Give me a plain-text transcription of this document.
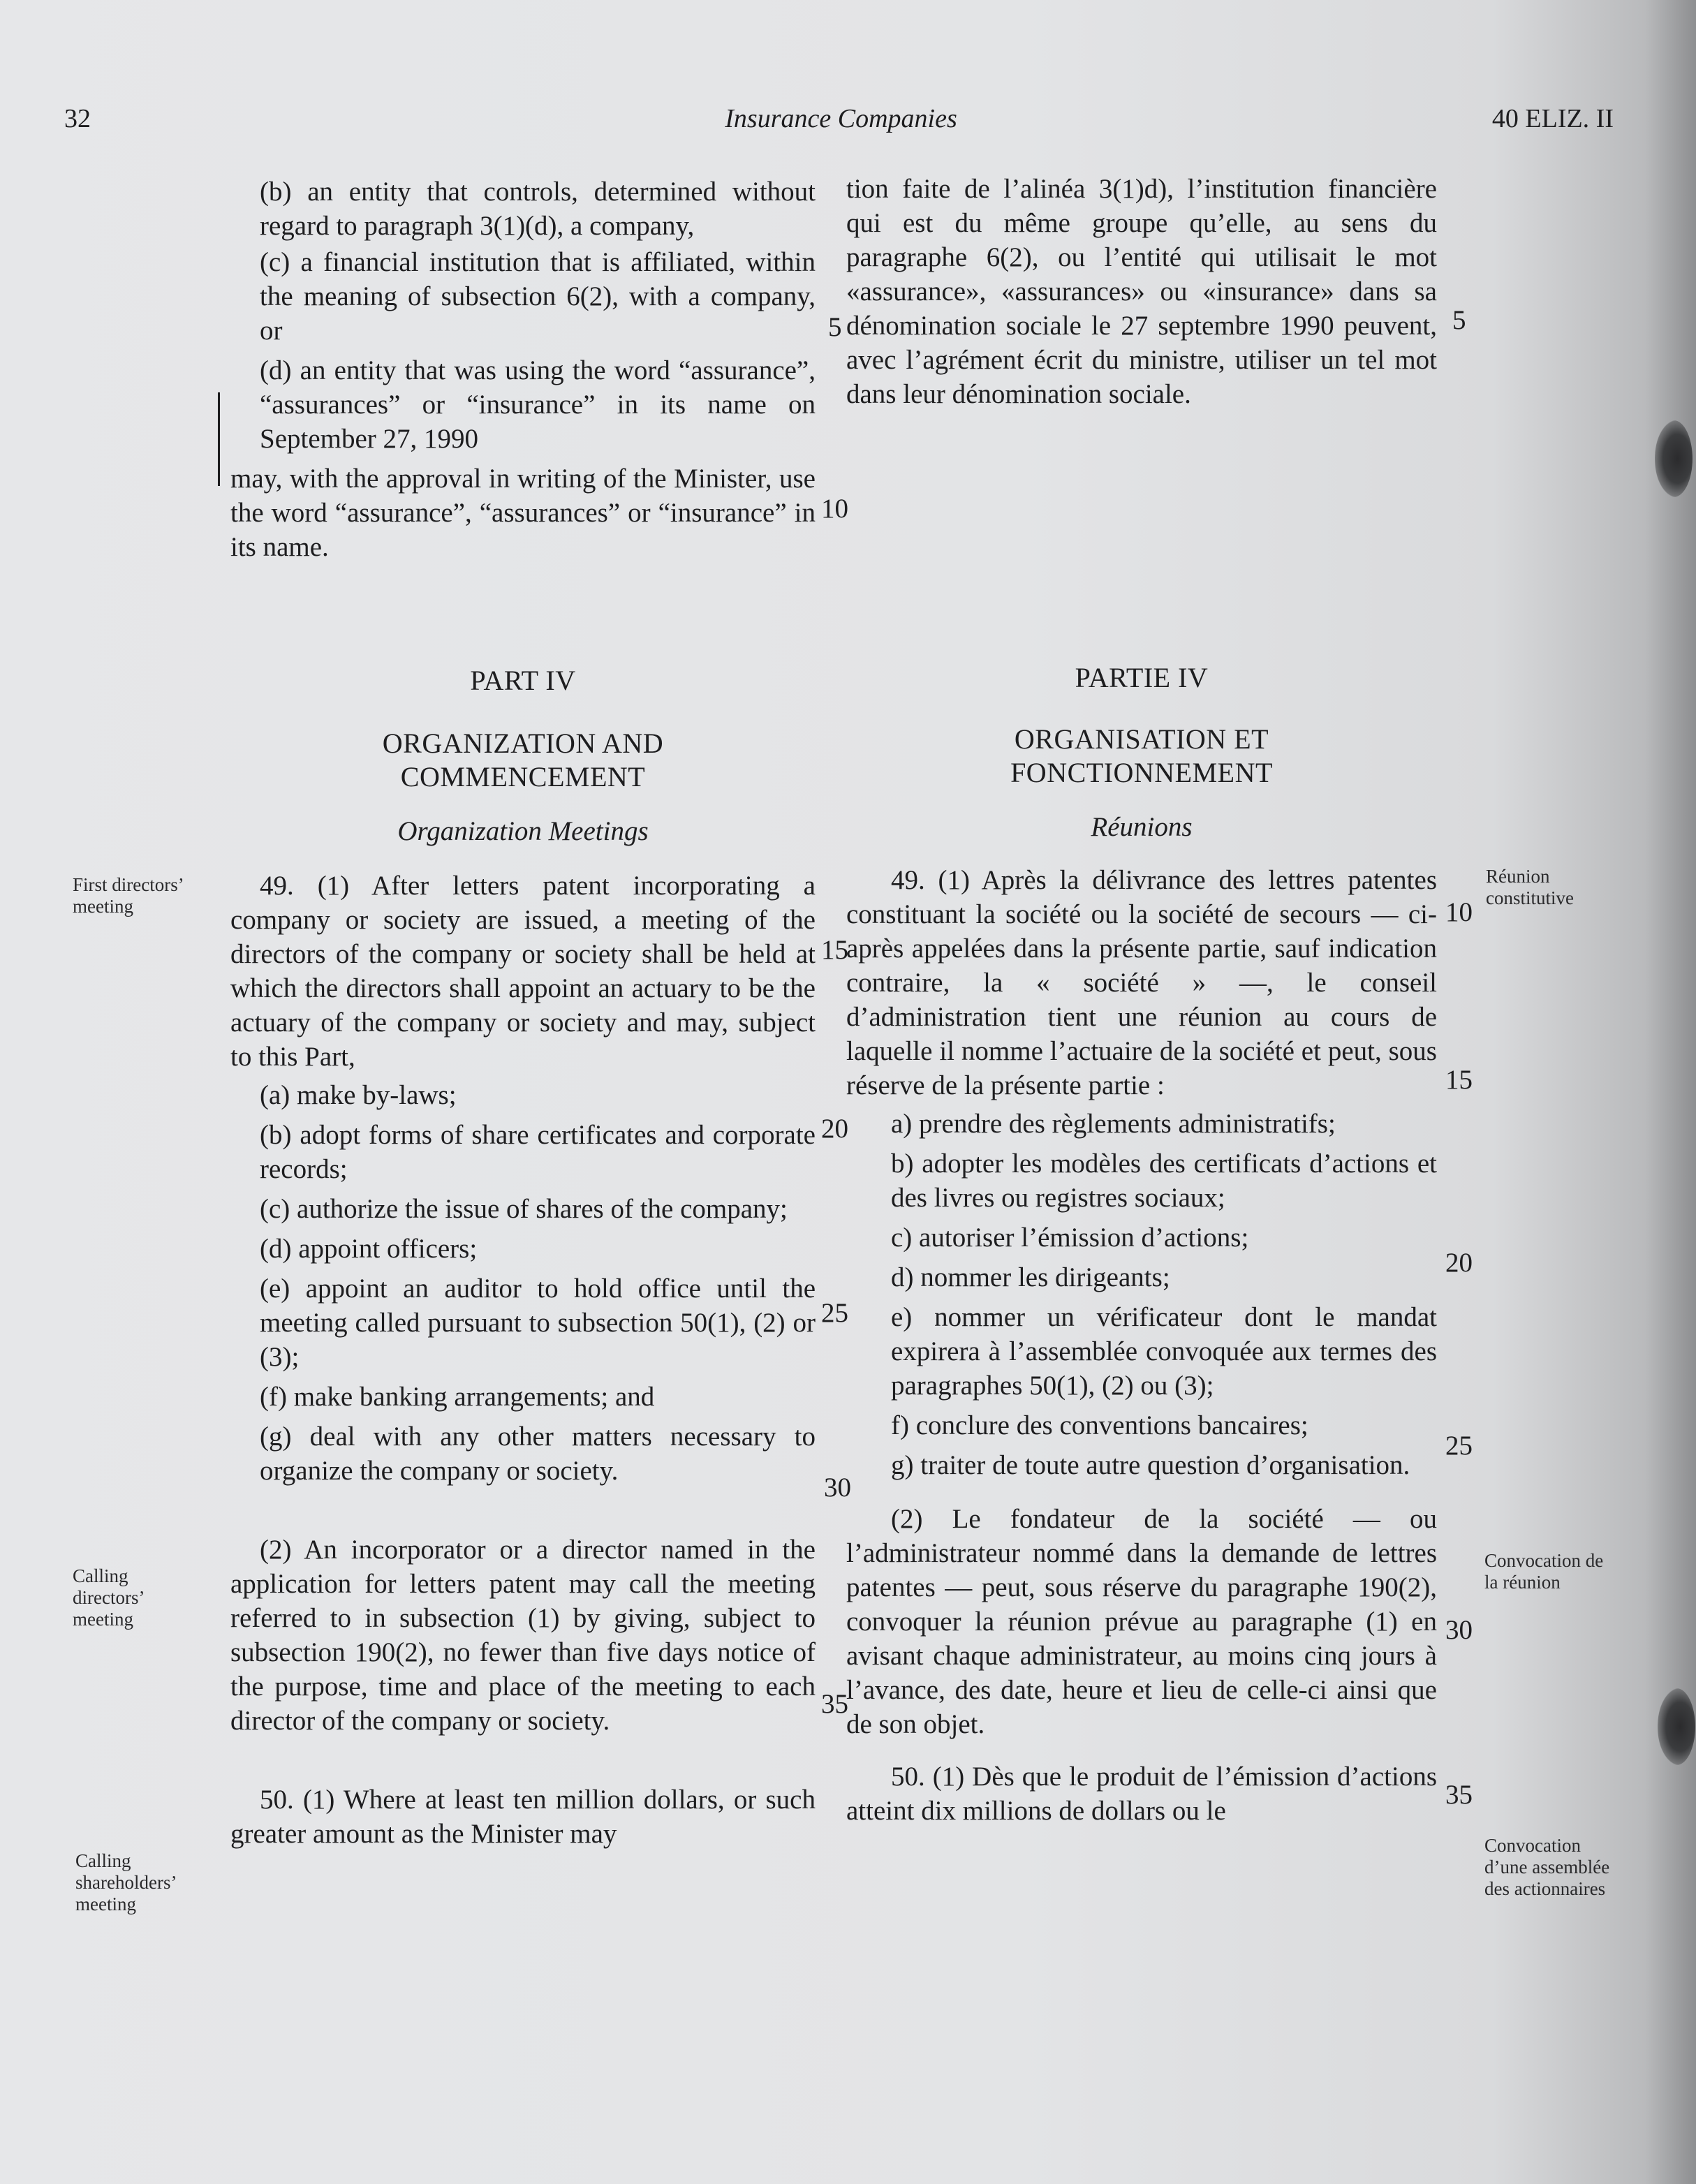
32	Insurance Companies	40 ELIZ. II

(b) an entity that controls, determined without regard to paragraph 3(1)(d), a company,

(c) a financial institution that is affiliated, within the meaning of subsection 6(2), with a company, or

(d) an entity that was using the word “assurance”, “assurances” or “insurance” in its name on September 27, 1990

may, with the approval in writing of the Minister, use the word “assurance”, “assurances” or “insurance” in its name.

tion faite de l’alinéa 3(1)d), l’institution financière qui est du même groupe qu’elle, au sens du paragraphe 6(2), ou l’entité qui utilisait le mot «assurance», «assurances» ou «insurance» dans sa dénomination sociale le 27 septembre 1990 peuvent, avec l’agrément écrit du ministre, utiliser un tel mot dans leur dénomination sociale.

PART IV
ORGANIZATION AND
COMMENCEMENT
Organization Meetings
PARTIE IV
ORGANISATION ET
FONCTIONNEMENT
Réunions

49. (1) After letters patent incorporating a company or society are issued, a meeting of the directors of the company or society shall be held at which the directors shall appoint an actuary to be the actuary of the company or society and may, subject to this Part,

(a) make by-laws;

(b) adopt forms of share certificates and corporate records;

(c) authorize the issue of shares of the company;

(d) appoint officers;

(e) appoint an auditor to hold office until the meeting called pursuant to subsection 50(1), (2) or (3);

(f) make banking arrangements; and

(g) deal with any other matters necessary to organize the company or society.

(2) An incorporator or a director named in the application for letters patent may call the meeting referred to in subsection (1) by giving, subject to subsection 190(2), no fewer than five days notice of the purpose, time and place of the meeting to each director of the company or society.

50. (1) Where at least ten million dollars, or such greater amount as the Minister may

49. (1) Après la délivrance des lettres patentes constituant la société ou la société de secours — ci-après appelées dans la présente partie, sauf indication contraire, la « société » —, le conseil d’administration tient une réunion au cours de laquelle il nomme l’actuaire de la société et peut, sous réserve de la présente partie :

a) prendre des règlements administratifs;

b) adopter les modèles des certificats d’actions et des livres ou registres sociaux;

c) autoriser l’émission d’actions;

d) nommer les dirigeants;

e) nommer un vérificateur dont le mandat expirera à l’assemblée convoquée aux termes des paragraphes 50(1), (2) ou (3);

f) conclure des conventions bancaires;

g) traiter de toute autre question d’organisation.

(2) Le fondateur de la société — ou l’administrateur nommé dans la demande de lettres patentes — peut, sous réserve du paragraphe 190(2), convoquer la réunion prévue au paragraphe (1) en avisant chaque administrateur, au moins cinq jours à l’avance, des date, heure et lieu de celle-ci ainsi que de son objet.

50. (1) Dès que le produit de l’émission d’actions atteint dix millions de dollars ou le

First directors’
meeting
Calling
directors’
meeting
Calling
shareholders’
meeting
Réunion
constitutive
Convocation de
la réunion
Convocation
d’une assemblée
des actionnaires
5	5
10
15
20
25
30
35
10
15
20
25
30
35
